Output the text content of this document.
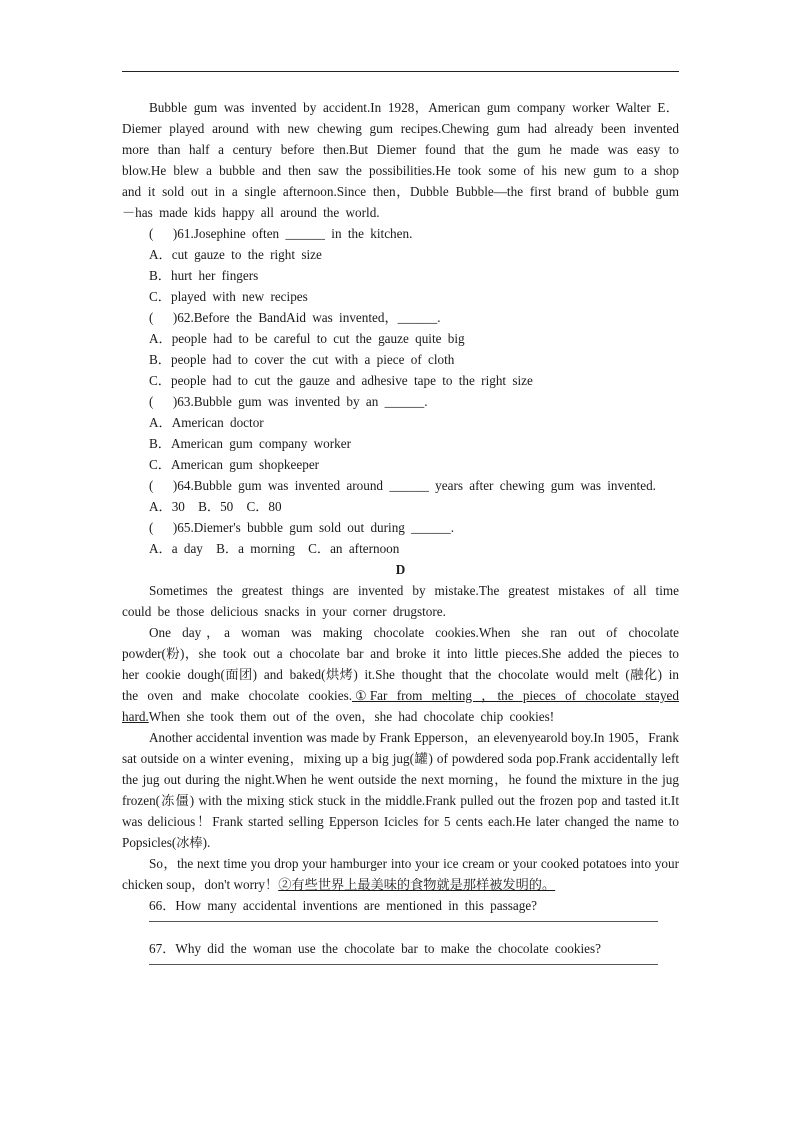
Bubble gum was invented by accident.In 1928，American gum company worker Walter E．Diemer played around with new chewing gum recipes.Chewing gum had already been invented more than half a century before then.But Diemer found that the gum he made was easy to blow.He blew a bubble and then saw the possibilities.He took some of his new gum to a shop and it sold out in a single afternoon.Since then，Dubble Bubble—the first brand of bubble gum－has made kids happy all around the world.

(　 )61.Josephine often ______ in the kitchen.

A．cut gauze to the right size

B．hurt her fingers

C．played with new recipes

(　 )62.Before the BandAid was invented，______.

A．people had to be careful to cut the gauze quite big

B．people had to cover the cut with a piece of cloth

C．people had to cut the gauze and adhesive tape to the right size

(　 )63.Bubble gum was invented by an ______.

A．American doctor

B．American gum company worker

C．American gum shopkeeper

(　 )64.Bubble gum was invented around ______ years after chewing gum was invented.

A．30　B．50　C．80

(　 )65.Diemer's bubble gum sold out during ______.

A．a day　B．a morning　C．an afternoon

D

Sometimes the greatest things are invented by mistake.The greatest mistakes of all time could be those delicious snacks in your corner drugstore.

One day，a woman was making chocolate cookies.When she ran out of chocolate powder(粉)，she took out a chocolate bar and broke it into little pieces.She added the pieces to her cookie dough(面团) and baked(烘烤) it.She thought that the chocolate would melt (融化) in the oven and make chocolate cookies.①Far from melting ，the pieces of chocolate stayed hard.When she took them out of the oven，she had chocolate chip cookies!

Another accidental invention was made by Frank Epperson，an elevenyearold boy.In 1905，Frank sat outside on a winter evening，mixing up a big jug(罐) of powdered soda pop.Frank accidentally left the jug out during the night.When he went outside the next morning，he found the mixture in the jug frozen(冻僵) with the mixing stick stuck in the middle.Frank pulled out the frozen pop and tasted it.It was delicious！Frank started selling Epperson Icicles for 5 cents each.He later changed the name to Popsicles(冰棒).

So，the next time you drop your hamburger into your ice cream or your cooked potatoes into your chicken soup，don't worry！②有些世界上最美味的食物就是那样被发明的。

66．How many accidental inventions are mentioned in this passage?

67．Why did the woman use the chocolate bar to make the chocolate cookies?
